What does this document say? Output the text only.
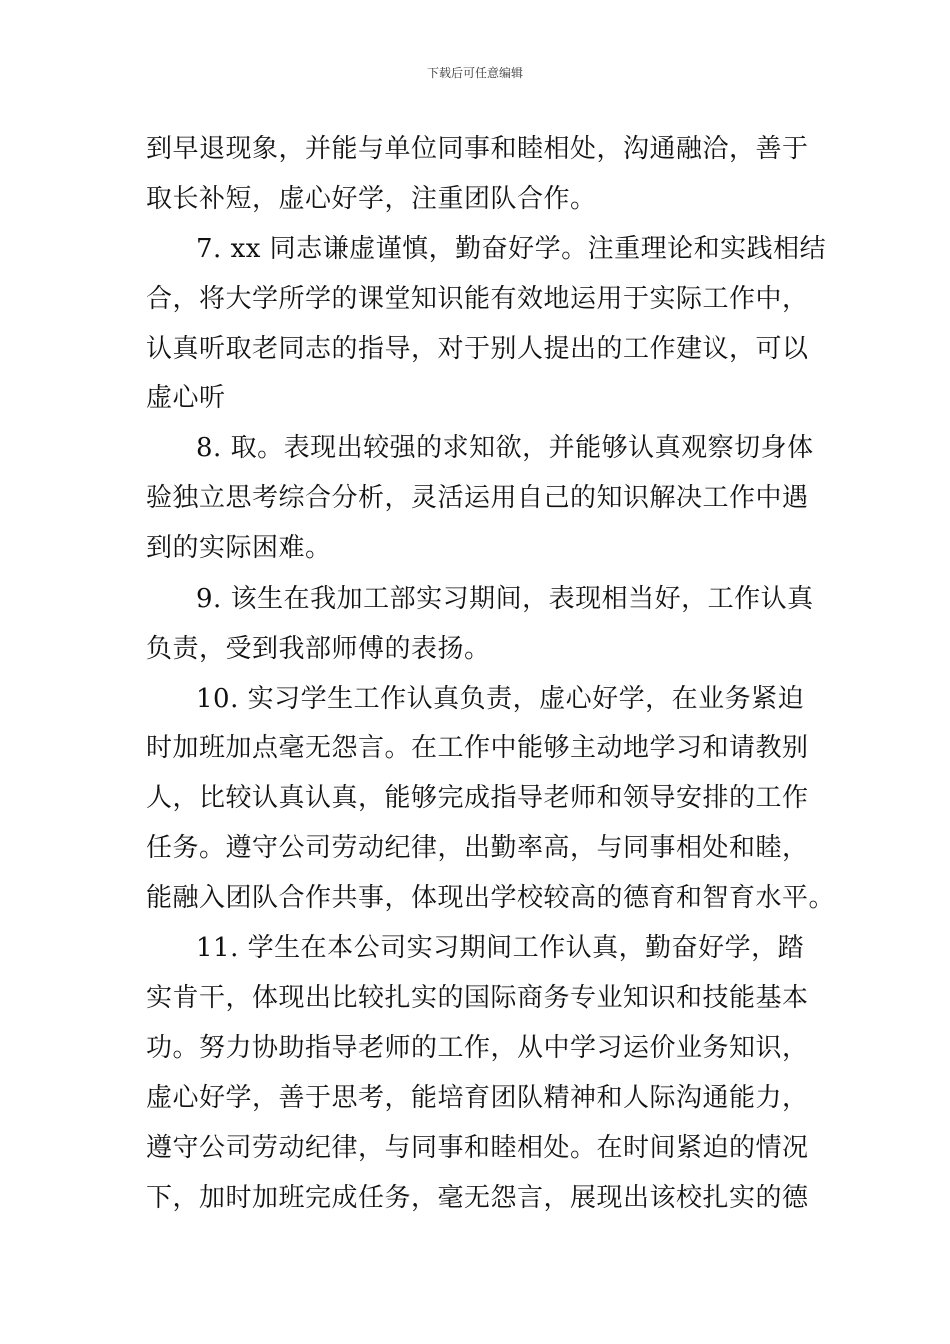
下载后可任意编辑
到早退现象，并能与单位同事和睦相处，沟通融洽，善于
取长补短，虚心好学，注重团队合作。
7. xx 同志谦虚谨慎，勤奋好学。注重理论和实践相结
合，将大学所学的课堂知识能有效地运用于实际工作中，
认真听取老同志的指导，对于别人提出的工作建议，可以
虚心听
8. 取。表现出较强的求知欲，并能够认真观察切身体
验独立思考综合分析，灵活运用自己的知识解决工作中遇
到的实际困难。
9. 该生在我加工部实习期间，表现相当好，工作认真
负责，受到我部师傅的表扬。
10. 实习学生工作认真负责，虚心好学，在业务紧迫
时加班加点毫无怨言。在工作中能够主动地学习和请教别
人，比较认真认真，能够完成指导老师和领导安排的工作
任务。遵守公司劳动纪律，出勤率高，与同事相处和睦，
能融入团队合作共事，体现出学校较高的德育和智育水平。
11. 学生在本公司实习期间工作认真，勤奋好学，踏
实肯干，体现出比较扎实的国际商务专业知识和技能基本
功。努力协助指导老师的工作，从中学习运价业务知识，
虚心好学，善于思考，能培育团队精神和人际沟通能力，
遵守公司劳动纪律，与同事和睦相处。在时间紧迫的情况
下，加时加班完成任务，毫无怨言，展现出该校扎实的德
